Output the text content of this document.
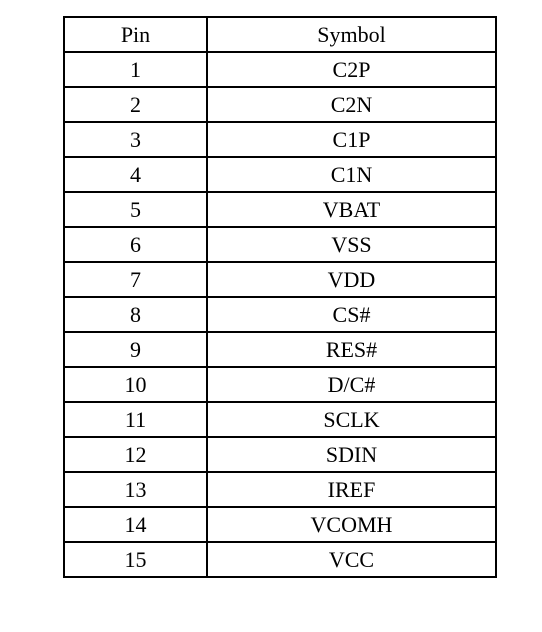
Pin	Symbol
1	C2P
2	C2N
3	C1P
4	C1N
5	VBAT
6	VSS
7	VDD
8	CS#
9	RES#
10	D/C#
11	SCLK
12	SDIN
13	IREF
14	VCOMH
15	VCC
